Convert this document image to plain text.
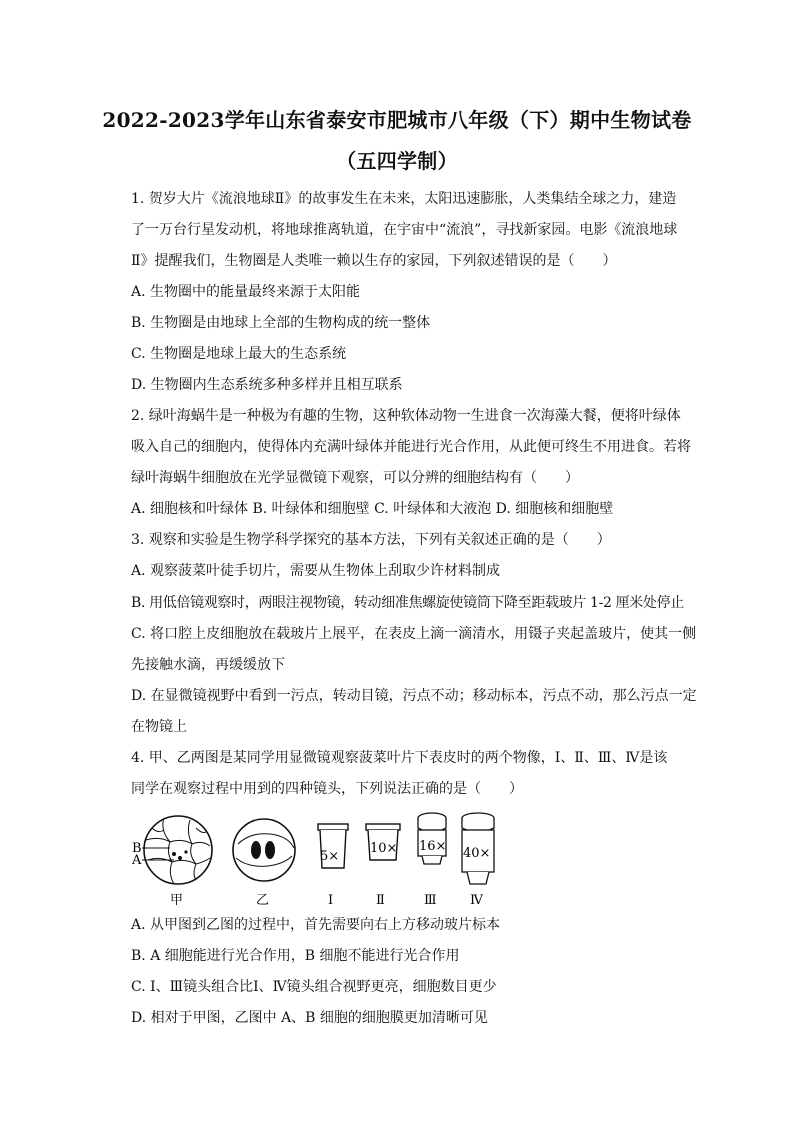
2022-2023学年山东省泰安市肥城市八年级（下）期中生物试卷
（五四学制）
1. 贺岁大片《流浪地球Ⅱ》的故事发生在未来，太阳迅速膨胀，人类集结全球之力，建造
了一万台行星发动机，将地球推离轨道，在宇宙中“流浪”，寻找新家园。电影《流浪地球
Ⅱ》提醒我们，生物圈是人类唯一赖以生存的家园，下列叙述错误的是（　　）
A. 生物圈中的能量最终来源于太阳能
B. 生物圈是由地球上全部的生物构成的统一整体
C. 生物圈是地球上最大的生态系统
D. 生物圈内生态系统多种多样并且相互联系
2. 绿叶海蜗牛是一种极为有趣的生物，这种软体动物一生进食一次海藻大餐，便将叶绿体
吸入自己的细胞内，使得体内充满叶绿体并能进行光合作用，从此便可终生不用进食。若将
绿叶海蜗牛细胞放在光学显微镜下观察，可以分辨的细胞结构有（　　）
A. 细胞核和叶绿体 B. 叶绿体和细胞壁 C. 叶绿体和大液泡 D. 细胞核和细胞壁
3. 观察和实验是生物学科学探究的基本方法，下列有关叙述正确的是（　　）
A. 观察菠菜叶徒手切片，需要从生物体上刮取少许材料制成
B. 用低倍镜观察时，两眼注视物镜，转动细准焦螺旋使镜筒下降至距载玻片 1-2 厘米处停止
C. 将口腔上皮细胞放在载玻片上展平，在表皮上滴一滴清水，用镊子夹起盖玻片，使其一侧
先接触水滴，再缓缓放下
D. 在显微镜视野中看到一污点，转动目镜，污点不动；移动标本，污点不动，那么污点一定
在物镜上
4. 甲、乙两图是某同学用显微镜观察菠菜叶片下表皮时的两个物像，Ⅰ、Ⅱ、Ⅲ、Ⅳ是该
同学在观察过程中用到的四种镜头，下列说法正确的是（　　）
B
A	5×
10× 16× 40×
甲	乙	Ⅰ	Ⅱ	Ⅲ	Ⅳ
A. 从甲图到乙图的过程中，首先需要向右上方移动玻片标本
B. A 细胞能进行光合作用，B 细胞不能进行光合作用
C. Ⅰ、Ⅲ镜头组合比Ⅰ、Ⅳ镜头组合视野更亮，细胞数目更少
D. 相对于甲图，乙图中 A、B 细胞的细胞膜更加清晰可见
